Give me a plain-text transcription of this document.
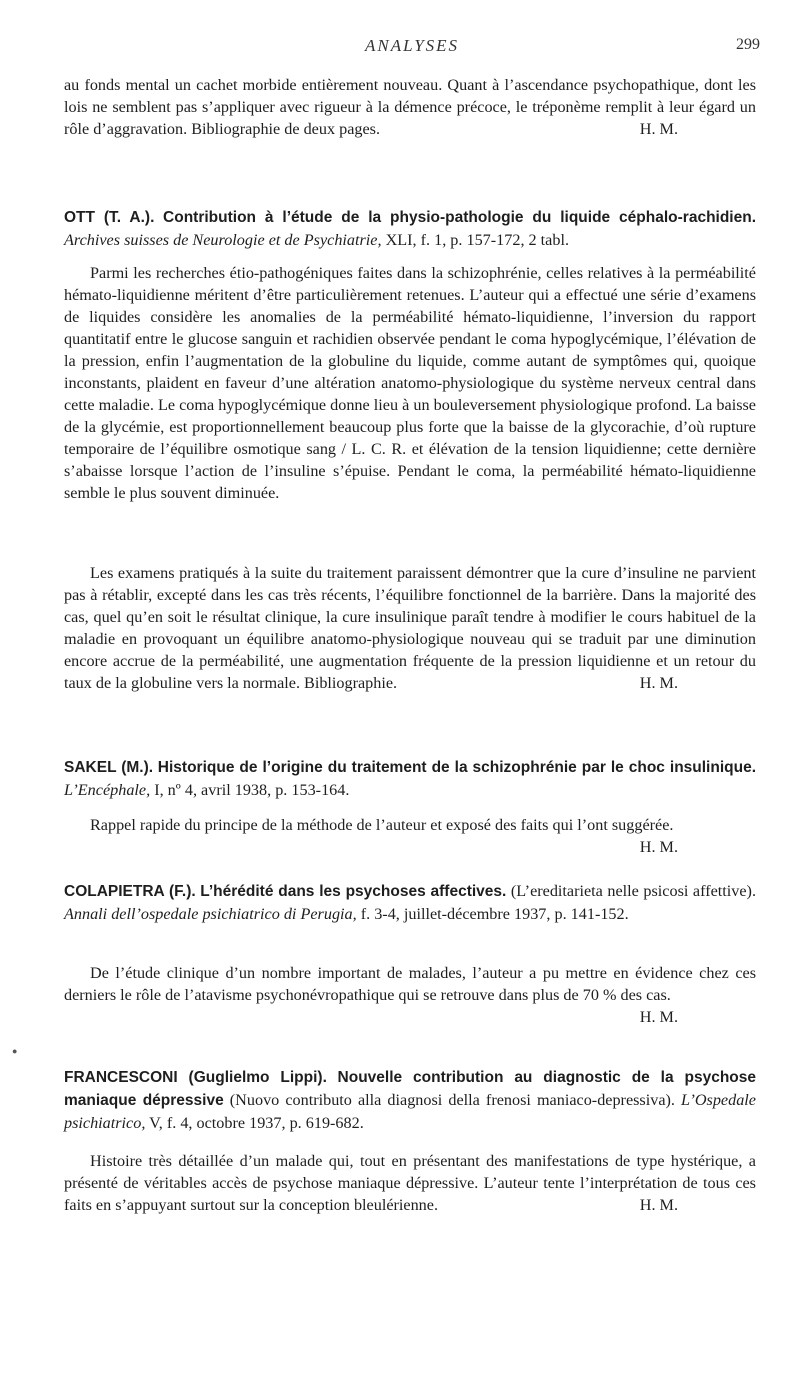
ANALYSES	299
au fonds mental un cachet morbide entièrement nouveau. Quant à l’ascendance psychopathique, dont les lois ne semblent pas s’appliquer avec rigueur à la démence précoce, le tréponème remplit à leur égard un rôle d’aggravation. Bibliographie de deux pages.	H. M.
OTT (T. A.). Contribution à l’étude de la physio-pathologie du liquide céphalo-rachidien. Archives suisses de Neurologie et de Psychiatrie, XLI, f. 1, p. 157-172, 2 tabl.
Parmi les recherches étio-pathogéniques faites dans la schizophrénie, celles relatives à la perméabilité hémato-liquidienne méritent d’être particulièrement retenues. L’auteur qui a effectué une série d’examens de liquides considère les anomalies de la perméabilité hémato-liquidienne, l’inversion du rapport quantitatif entre le glucose sanguin et rachidien observée pendant le coma hypoglycémique, l’élévation de la pression, enfin l’augmentation de la globuline du liquide, comme autant de symptômes qui, quoique inconstants, plaident en faveur d’une altération anatomo-physiologique du système nerveux central dans cette maladie. Le coma hypoglycémique donne lieu à un bouleversement physiologique profond. La baisse de la glycémie, est proportionnellement beaucoup plus forte que la baisse de la glycorachie, d’où rupture temporaire de l’équilibre osmotique sang / L. C. R. et élévation de la tension liquidienne; cette dernière s’abaisse lorsque l’action de l’insuline s’épuise. Pendant le coma, la perméabilité hémato-liquidienne semble le plus souvent diminuée.
Les examens pratiqués à la suite du traitement paraissent démontrer que la cure d’insuline ne parvient pas à rétablir, excepté dans les cas très récents, l’équilibre fonctionnel de la barrière. Dans la majorité des cas, quel qu’en soit le résultat clinique, la cure insulinique paraît tendre à modifier le cours habituel de la maladie en provoquant un équilibre anatomo-physiologique nouveau qui se traduit par une diminution encore accrue de la perméabilité, une augmentation fréquente de la pression liquidienne et un retour du taux de la globuline vers la normale. Bibliographie.	H. M.
SAKEL (M.). Historique de l’origine du traitement de la schizophrénie par le choc insulinique. L’Encéphale, I, nº 4, avril 1938, p. 153-164.
Rappel rapide du principe de la méthode de l’auteur et exposé des faits qui l’ont suggérée.
H. M.
COLAPIETRA (F.). L’hérédité dans les psychoses affectives. (L’ereditarieta nelle psicosi affettive). Annali dell’ospedale psichiatrico di Perugia, f. 3-4, juillet-décembre 1937, p. 141-152.
De l’étude clinique d’un nombre important de malades, l’auteur a pu mettre en évidence chez ces derniers le rôle de l’atavisme psychonévropathique qui se retrouve dans plus de 70 % des cas.
H. M.
●
FRANCESCONI (Guglielmo Lippi). Nouvelle contribution au diagnostic de la psychose maniaque dépressive (Nuovo contributo alla diagnosi della frenosi maniaco-depressiva). L’Ospedale psichiatrico, V, f. 4, octobre 1937, p. 619-682.
Histoire très détaillée d’un malade qui, tout en présentant des manifestations de type hystérique, a présenté de véritables accès de psychose maniaque dépressive. L’auteur tente l’interprétation de tous ces faits en s’appuyant surtout sur la conception bleulérienne.	H. M.
